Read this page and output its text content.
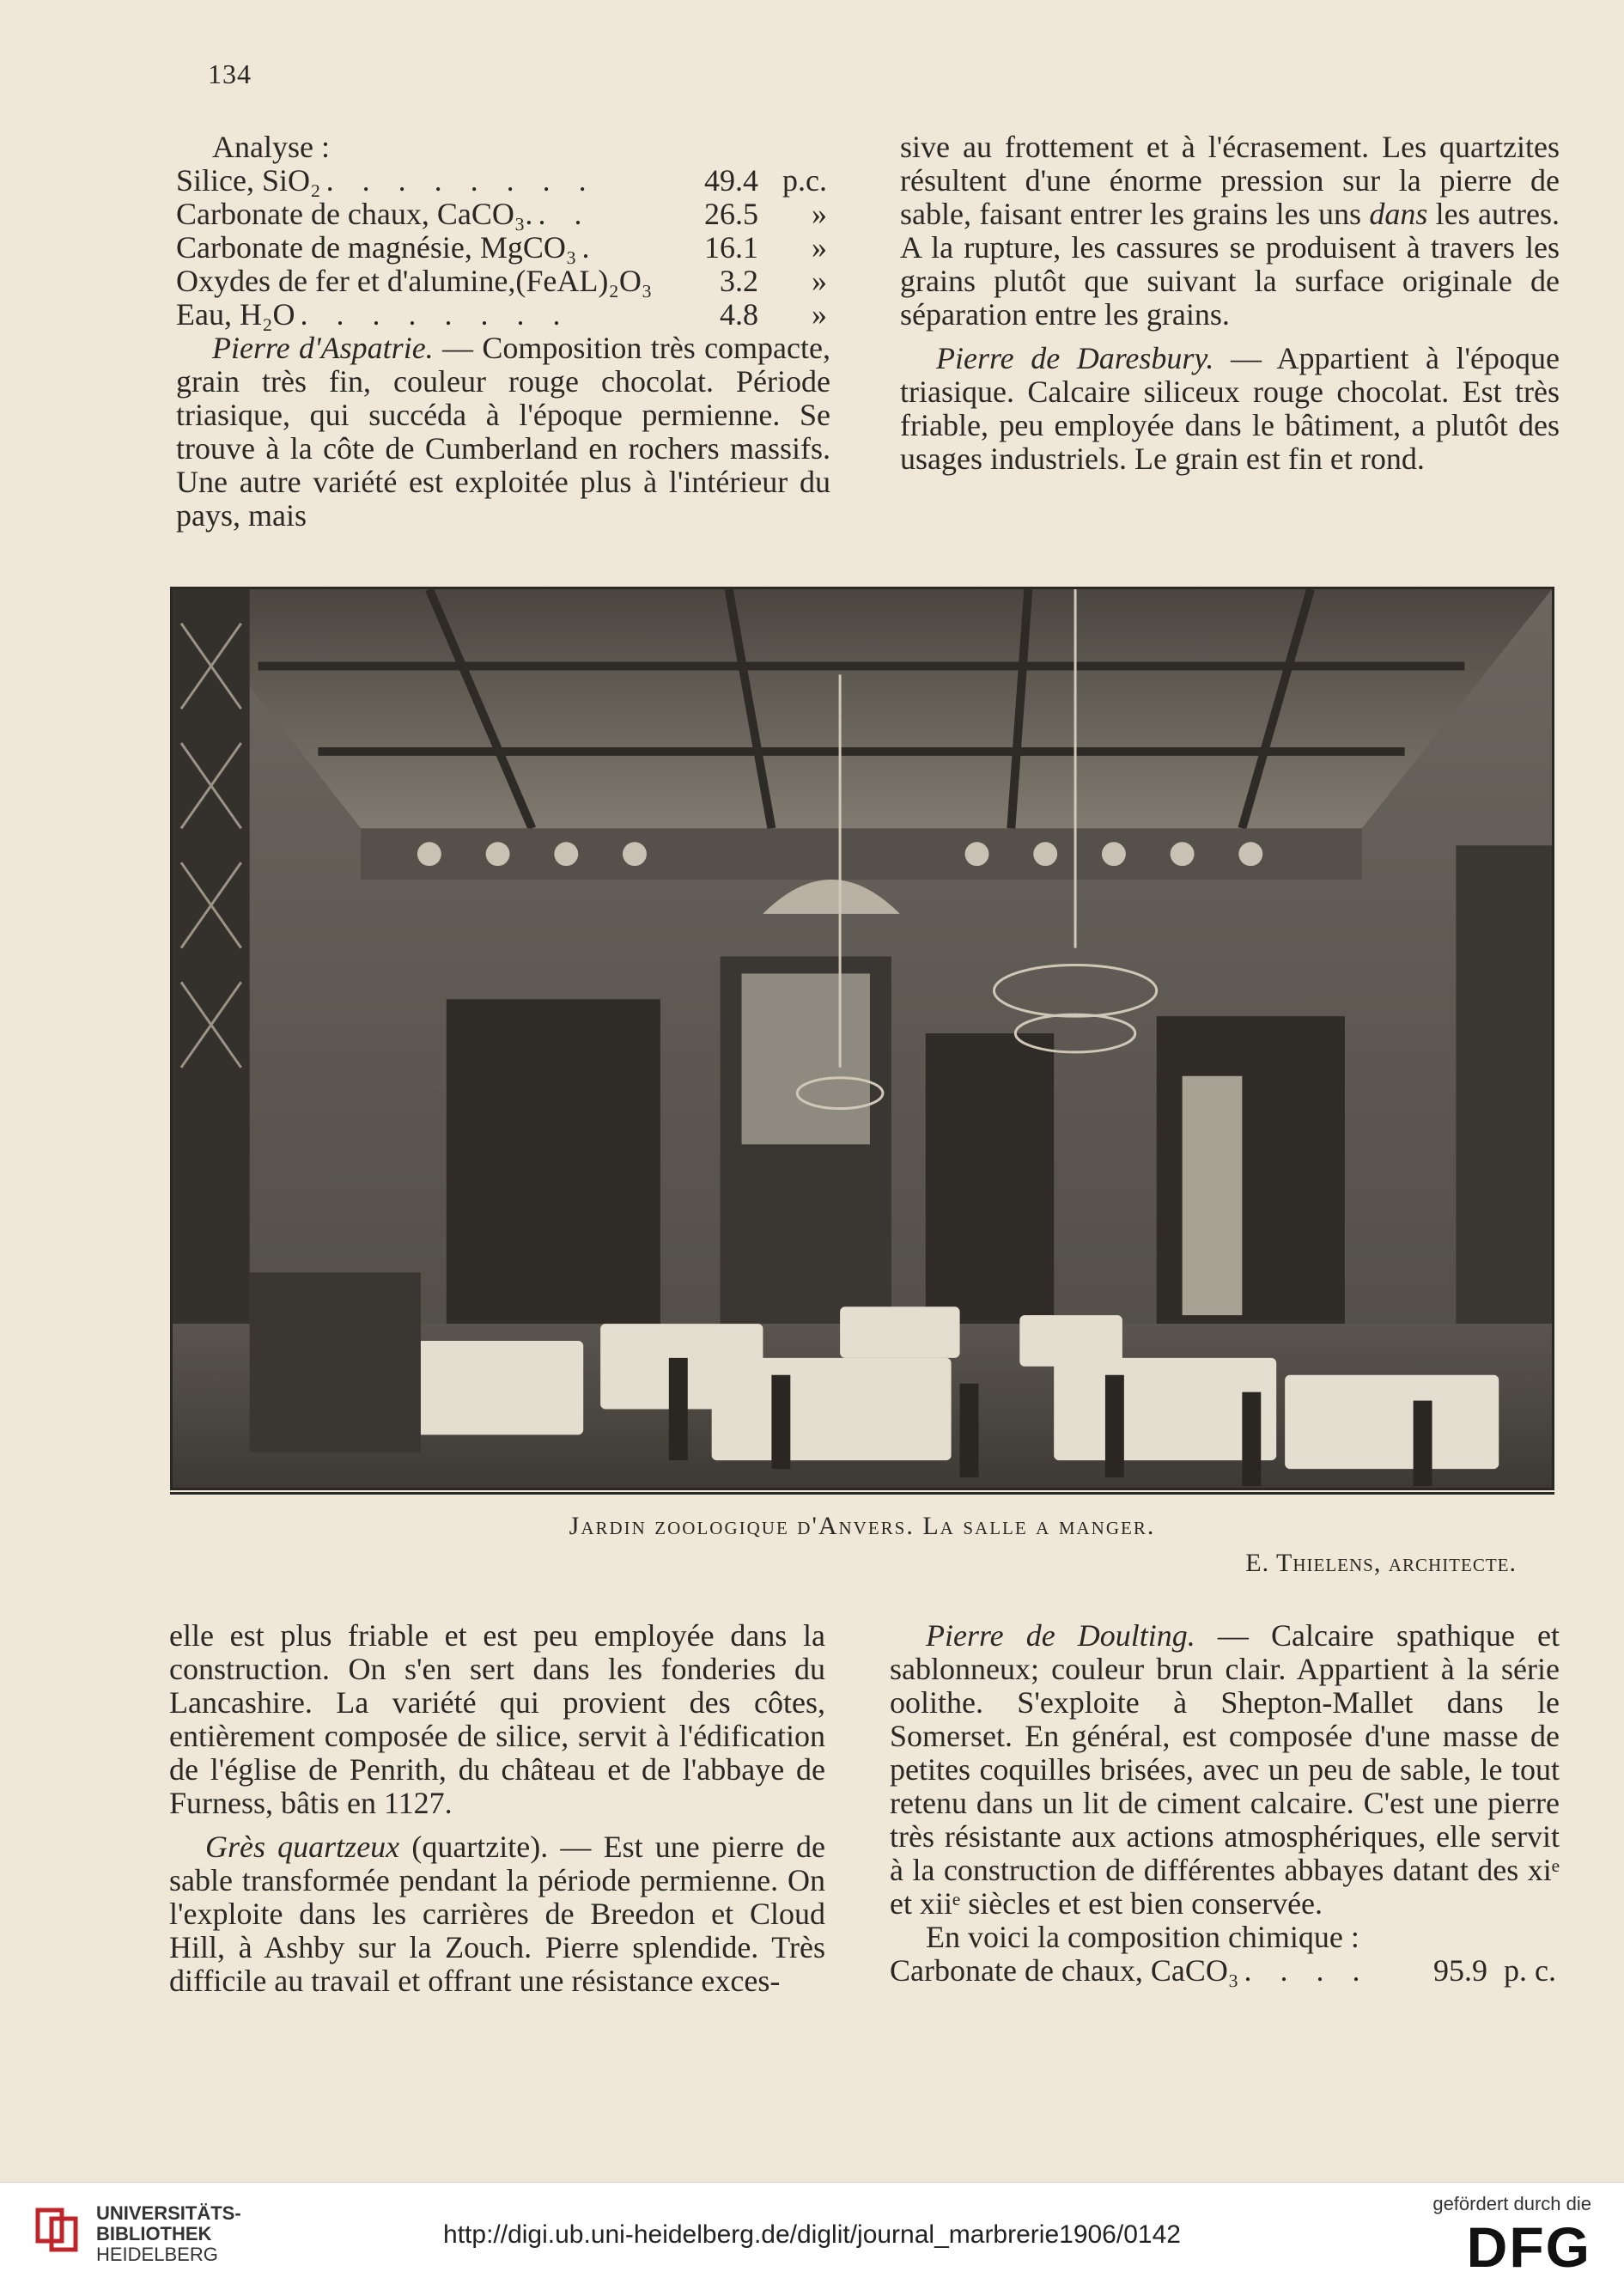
134

Analyse :

Silice, SiO₂ . . . . . . . .	49.4 p.c.
Carbonate de chaux, CaCO₃. . .	26.5	»
Carbonate de magnésie, MgCO₃ .	16.1	»
Oxydes de fer et d'alumine,(FeAL)₂O₃	3.2	»
Eau, H₂O . . . . . . . .	4.8	»

Pierre d'Aspatrie. — Composition très compacte, grain très fin, couleur rouge chocolat. Période triasique, qui succéda à l'époque permienne. Se trouve à la côte de Cumberland en rochers massifs. Une autre variété est exploitée plus à l'intérieur du pays, mais

sive au frottement et à l'écrasement. Les quartzites résultent d'une énorme pression sur la pierre de sable, faisant entrer les grains les uns dans les autres. A la rupture, les cassures se produisent à travers les grains plutôt que suivant la surface originale de séparation entre les grains.

Pierre de Daresbury. — Appartient à l'époque triasique. Calcaire siliceux rouge chocolat. Est très friable, peu employée dans le bâtiment, a plutôt des usages industriels. Le grain est fin et rond.

Jardin zoologique d'Anvers. La salle a manger.
E. Thielens, architecte.

elle est plus friable et est peu employée dans la construction. On s'en sert dans les fonderies du Lancashire. La variété qui provient des côtes, entièrement composée de silice, servit à l'édification de l'église de Penrith, du château et de l'abbaye de Furness, bâtis en 1127.

Grès quartzeux (quartzite). — Est une pierre de sable transformée pendant la période permienne. On l'exploite dans les carrières de Breedon et Cloud Hill, à Ashby sur la Zouch. Pierre splendide. Très difficile au travail et offrant une résistance exces-

Pierre de Doulting. — Calcaire spathique et sablonneux; couleur brun clair. Appartient à la série oolithe. S'exploite à Shepton-Mallet dans le Somerset. En général, est composée d'une masse de petites coquilles brisées, avec un peu de sable, le tout retenu dans un lit de ciment calcaire. C'est une pierre très résistante aux actions atmosphériques, elle servit à la construction de différentes abbayes datant des xiᵉ et xiiᵉ siècles et est bien conservée.

En voici la composition chimique :

Carbonate de chaux, CaCO₃ . . . .	95.9 p. c.
UNIVERSITÄTS-
BIBLIOTHEK
HEIDELBERG
http://digi.ub.uni-heidelberg.de/diglit/journal_marbrerie1906/0142
gefördert durch die
DFG
